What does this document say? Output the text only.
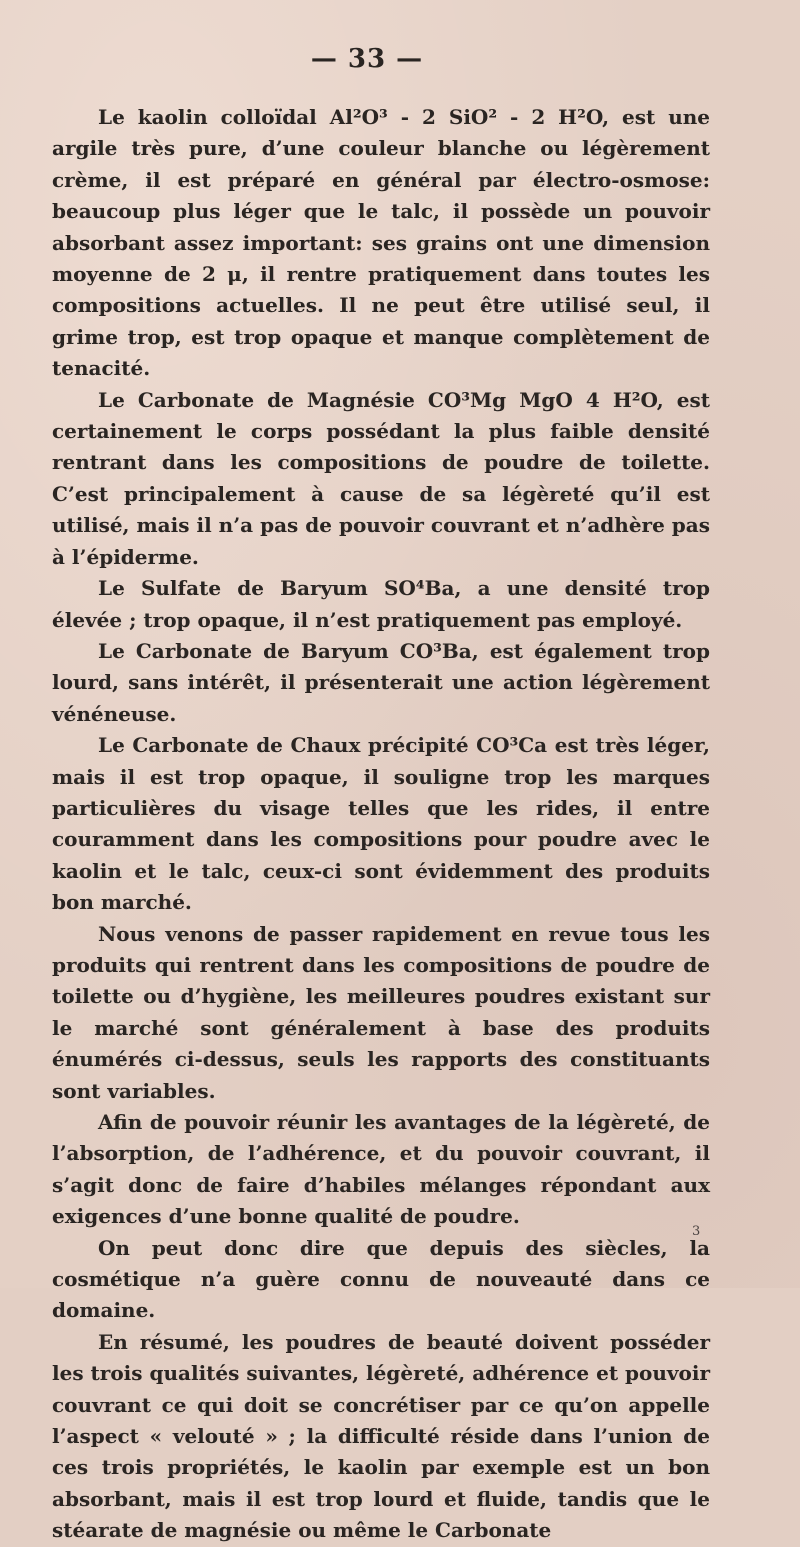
— 33 —

Le kaolin colloïdal Al²O³ - 2 SiO² - 2 H²O, est une argile très pure, d’une couleur blanche ou légèrement crème, il est préparé en général par électro-osmose: beaucoup plus léger que le talc, il possède un pouvoir absorbant assez important: ses grains ont une dimension moyenne de 2 μ, il rentre pratiquement dans toutes les compositions actuelles. Il ne peut être utilisé seul, il grime trop, est trop opaque et manque complètement de tenacité.

Le Carbonate de Magnésie CO³Mg MgO 4 H²O, est certainement le corps possédant la plus faible densité rentrant dans les compositions de poudre de toilette. C’est principalement à cause de sa légèreté qu’il est utilisé, mais il n’a pas de pouvoir couvrant et n’adhère pas à l’épiderme.

Le Sulfate de Baryum SO⁴Ba, a une densité trop élevée ; trop opaque, il n’est pratiquement pas employé.

Le Carbonate de Baryum CO³Ba, est également trop lourd, sans intérêt, il présenterait une action légèrement vénéneuse.

Le Carbonate de Chaux précipité CO³Ca est très léger, mais il est trop opaque, il souligne trop les marques particulières du visage telles que les rides, il entre couramment dans les compositions pour poudre avec le kaolin et le talc, ceux-ci sont évidemment des produits bon marché.

Nous venons de passer rapidement en revue tous les produits qui rentrent dans les compositions de poudre de toilette ou d’hygiène, les meilleures poudres existant sur le marché sont généralement à base des produits énumérés ci-dessus, seuls les rapports des constituants sont variables.

Afin de pouvoir réunir les avantages de la légèreté, de l’absorption, de l’adhérence, et du pouvoir couvrant, il s’agit donc de faire d’habiles mélanges répondant aux exigences d’une bonne qualité de poudre.

On peut donc dire que depuis des siècles, la cosmétique n’a guère connu de nouveauté dans ce domaine.

En résumé, les poudres de beauté doivent posséder les trois qualités suivantes, légèreté, adhérence et pouvoir couvrant ce qui doit se concrétiser par ce qu’on appelle l’aspect « velouté » ; la difficulté réside dans l’union de ces trois propriétés, le kaolin par exemple est un bon absorbant, mais il est trop lourd et fluide, tandis que le stéarate de magnésie ou même le Carbonate

3
